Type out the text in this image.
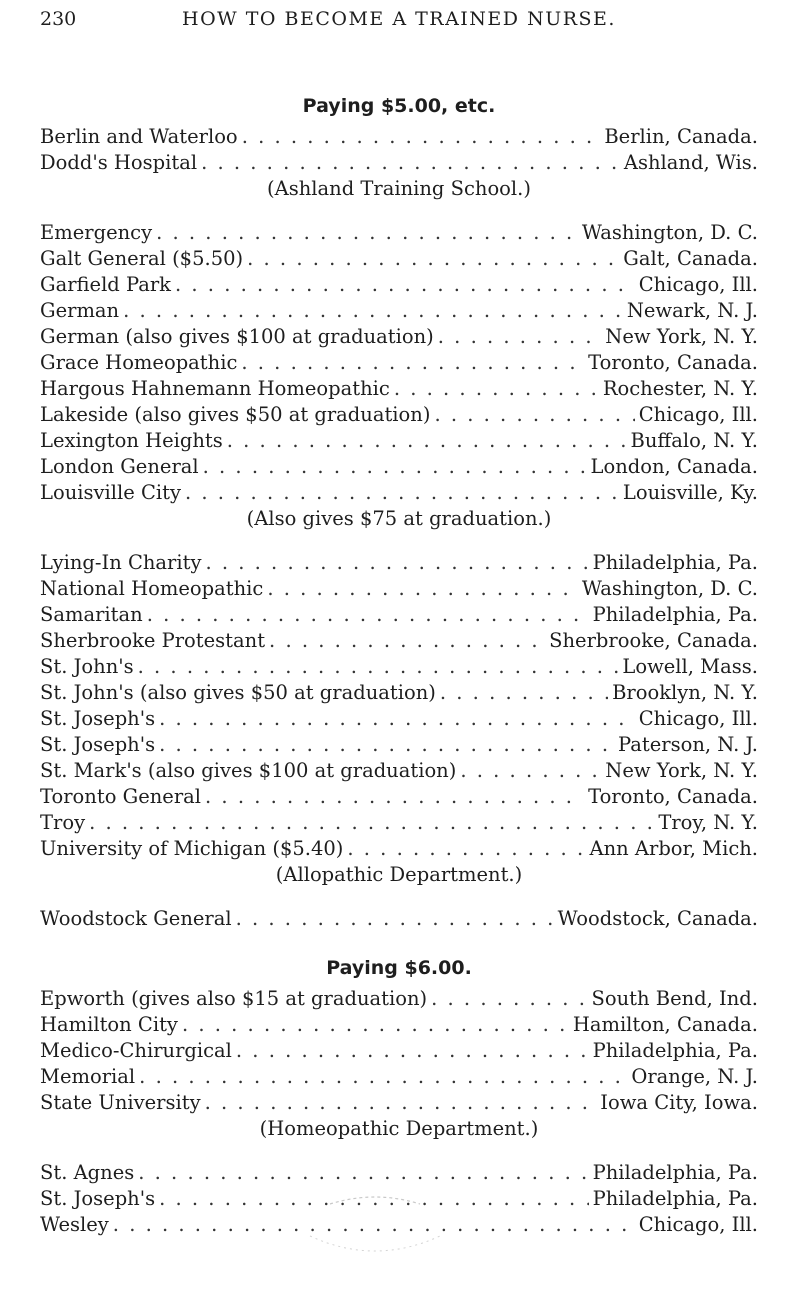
230	HOW TO BECOME A TRAINED NURSE.
Paying $5.00, etc.
Berlin and Waterloo . . .	Berlin, Canada.
Dodd's Hospital . . .	Ashland, Wis.
(Ashland Training School.)
Emergency . . .	Washington, D. C.
Galt General ($5.50) . . .	Galt, Canada.
Garfield Park . . .	Chicago, Ill.
German . . .	Newark, N. J.
German (also gives $100 at graduation) . . .	New York, N. Y.
Grace Homeopathic . . .	Toronto, Canada.
Hargous Hahnemann Homeopathic . . .	Rochester, N. Y.
Lakeside (also gives $50 at graduation) . . .	Chicago, Ill.
Lexington Heights . . .	Buffalo, N. Y.
London General . . .	London, Canada.
Louisville City . . .	Louisville, Ky.
(Also gives $75 at graduation.)
Lying-In Charity . . .	Philadelphia, Pa.
National Homeopathic . . .	Washington, D. C.
Samaritan . . .	Philadelphia, Pa.
Sherbrooke Protestant . . .	Sherbrooke, Canada.
St. John's . . .	Lowell, Mass.
St. John's (also gives $50 at graduation) . . .	Brooklyn, N. Y.
St. Joseph's . . .	Chicago, Ill.
St. Joseph's . . .	Paterson, N. J.
St. Mark's (also gives $100 at graduation) . . .	New York, N. Y.
Toronto General . . .	Toronto, Canada.
Troy . . .	Troy, N. Y.
University of Michigan ($5.40) . . .	Ann Arbor, Mich.
(Allopathic Department.)
Woodstock General . . .	Woodstock, Canada.
Paying $6.00.
Epworth (gives also $15 at graduation) . . .	South Bend, Ind.
Hamilton City . . .	Hamilton, Canada.
Medico-Chirurgical . . .	Philadelphia, Pa.
Memorial . . .	Orange, N. J.
State University . . .	Iowa City, Iowa.
(Homeopathic Department.)
St. Agnes . . .	Philadelphia, Pa.
St. Joseph's . . .	Philadelphia, Pa.
Wesley . . .	Chicago, Ill.
